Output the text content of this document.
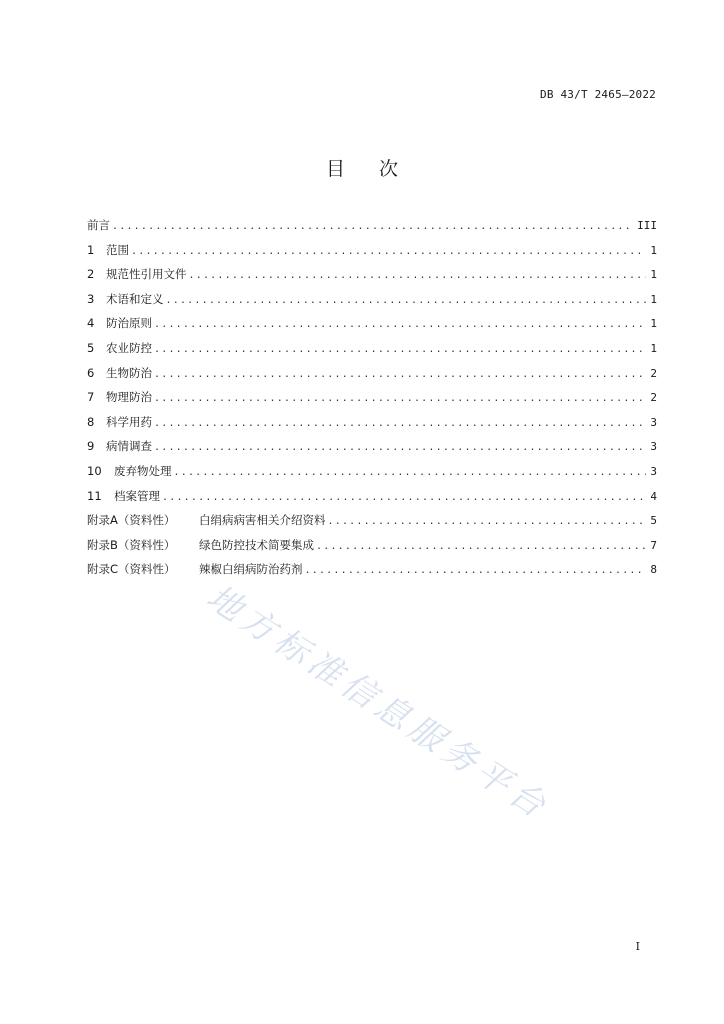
DB 43/T 2465—2022
目次
前言 .....	III
1	范围 .....	1
2	规范性引用文件 .....	1
3	术语和定义 .....	1
4	防治原则 .....	1
5	农业防控 .....	1
6	生物防治 .....	2
7	物理防治 .....	2
8	科学用药 .....	3
9	病情调查 .....	3
10	废弃物处理 .....	3
11	档案管理 .....	4
附录A（资料性）	白绢病病害相关介绍资料 .....	5
附录B（资料性）	绿色防控技术简要集成 .....	7
附录C（资料性）	辣椒白绢病防治药剂 .....	8
地方标准信息服务平台
I
